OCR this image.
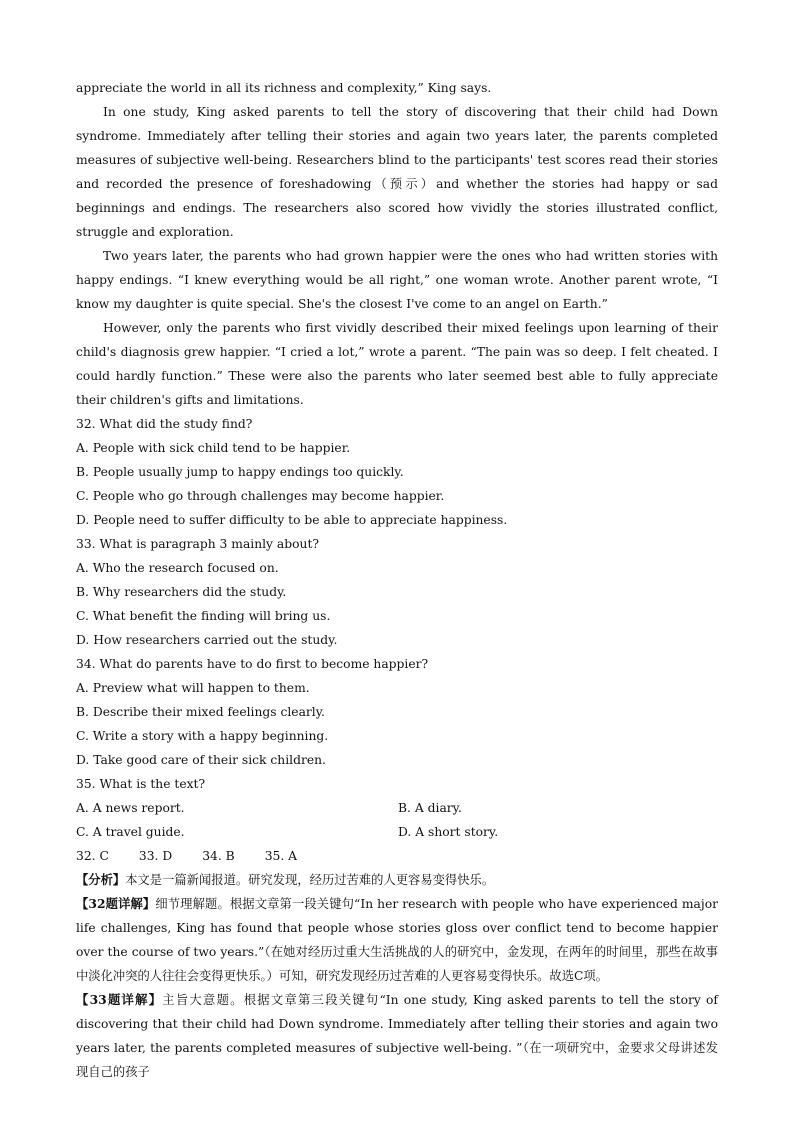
appreciate the world in all its richness and complexity,” King says.

In one study, King asked parents to tell the story of discovering that their child had Down syndrome. Immediately after telling their stories and again two years later, the parents completed measures of subjective well-being. Researchers blind to the participants' test scores read their stories and recorded the presence of foreshadowing（预示）and whether the stories had happy or sad beginnings and endings. The researchers also scored how vividly the stories illustrated conflict, struggle and exploration.

Two years later, the parents who had grown happier were the ones who had written stories with happy endings. “I knew everything would be all right,” one woman wrote. Another parent wrote, “I know my daughter is quite special. She's the closest I've come to an angel on Earth.”

However, only the parents who first vividly described their mixed feelings upon learning of their child's diagnosis grew happier. “I cried a lot,” wrote a parent. “The pain was so deep. I felt cheated. I could hardly function.” These were also the parents who later seemed best able to fully appreciate their children's gifts and limitations.

32. What did the study find?
A. People with sick child tend to be happier.
B. People usually jump to happy endings too quickly.
C. People who go through challenges may become happier.
D. People need to suffer difficulty to be able to appreciate happiness.
33. What is paragraph 3 mainly about?
A. Who the research focused on.
B. Why researchers did the study.
C. What benefit the finding will bring us.
D. How researchers carried out the study.
34. What do parents have to do first to become happier?
A. Preview what will happen to them.
B. Describe their mixed feelings clearly.
C. Write a story with a happy beginning.
D. Take good care of their sick children.
35. What is the text?
A. A news report.	B. A diary.
C. A travel guide.	D. A short story.
32. C 33. D 34. B 35. A

【分析】本文是一篇新闻报道。研究发现，经历过苦难的人更容易变得快乐。

【32题详解】细节理解题。根据文章第一段关键句“In her research with people who have experienced major life challenges, King has found that people whose stories gloss over conflict tend to become happier over the course of two years.”（在她对经历过重大生活挑战的人的研究中，金发现，在两年的时间里，那些在故事中淡化冲突的人往往会变得更快乐。）可知，研究发现经历过苦难的人更容易变得快乐。故选C项。

【33题详解】主旨大意题。根据文章第三段关键句“In one study, King asked parents to tell the story of discovering that their child had Down syndrome. Immediately after telling their stories and again two years later, the parents completed measures of subjective well-being. ”（在一项研究中，金要求父母讲述发现自己的孩子
